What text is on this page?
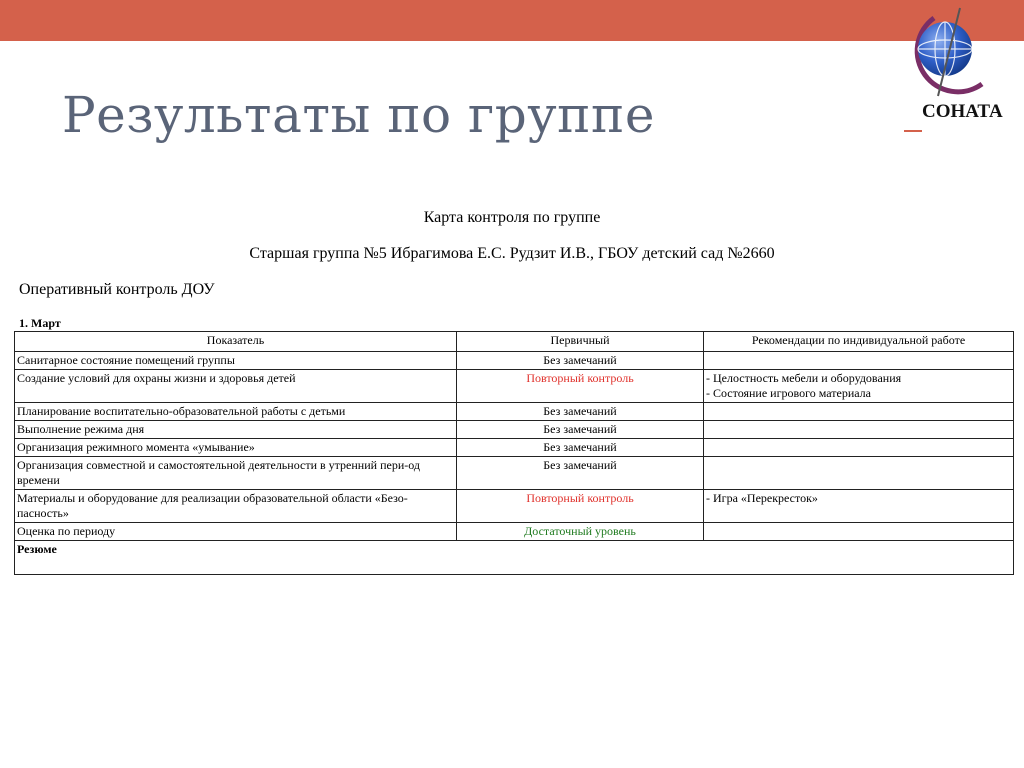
Результаты по группе	СОНАТА
Карта контроля по группе
Старшая группа №5 Ибрагимова Е.С. Рудзит И.В., ГБОУ детский сад №2660
Оперативный контроль ДОУ
1. Март
Показатель	Первичный	Рекомендации по индивидуальной работе
Санитарное состояние помещений группы	Без замечаний	
Создание условий для охраны жизни и здоровья детей	Повторный контроль	- Целостность мебели и оборудования
- Состояние игрового материала

Планирование воспитательно-образовательной работы с детьми	Без замечаний	
Выполнение режима дня	Без замечаний	
Организация режимного момента «умывание»	Без замечаний	
Организация совместной и самостоятельной деятельности в утренний пери-од времени	Без замечаний	
Материалы и оборудование для реализации образовательной области «Безо-пасность»	Повторный контроль	- Игра «Перекресток»

Оценка по периоду	Достаточный уровень	
Резюме		
